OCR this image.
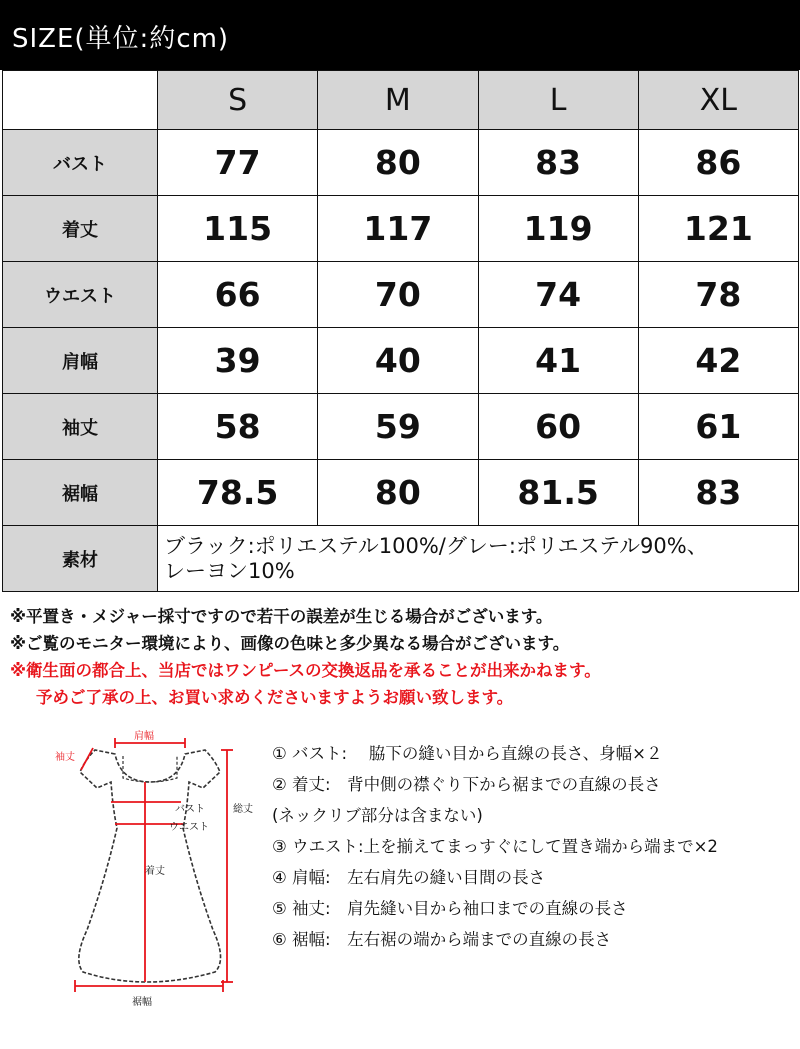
SIZE(単位:約cm)
	S	M	L	XL
バスト	77	80	83	86
着丈	115	117	119	121
ウエスト	66	70	74	78
肩幅	39	40	41	42
袖丈	58	59	60	61
裾幅	78.5	80	81.5	83
素材	ブラック:ポリエステル100%/グレー:ポリエステル90%、
レーヨン10%			
※平置き・メジャー採寸ですので若干の誤差が生じる場合がございます。
※ご覧のモニター環境により、画像の色味と多少異なる場合がございます。
※衛生面の都合上、当店ではワンピースの交換返品を承ることが出来かねます。
予めご了承の上、お買い求めくださいますようお願い致します。
肩幅
袖丈
総丈
バスト
ウエスト
着丈
裾幅
① バスト:　 脇下の縫い目から直線の長さ、身幅×２
② 着丈:　背中側の襟ぐり下から裾までの直線の長さ
(ネックリブ部分は含まない)
③ ウエスト:上を揃えてまっすぐにして置き端から端まで×2
④ 肩幅:　左右肩先の縫い目間の長さ
⑤ 袖丈:　肩先縫い目から袖口までの直線の長さ
⑥ 裾幅:　左右裾の端から端までの直線の長さ
